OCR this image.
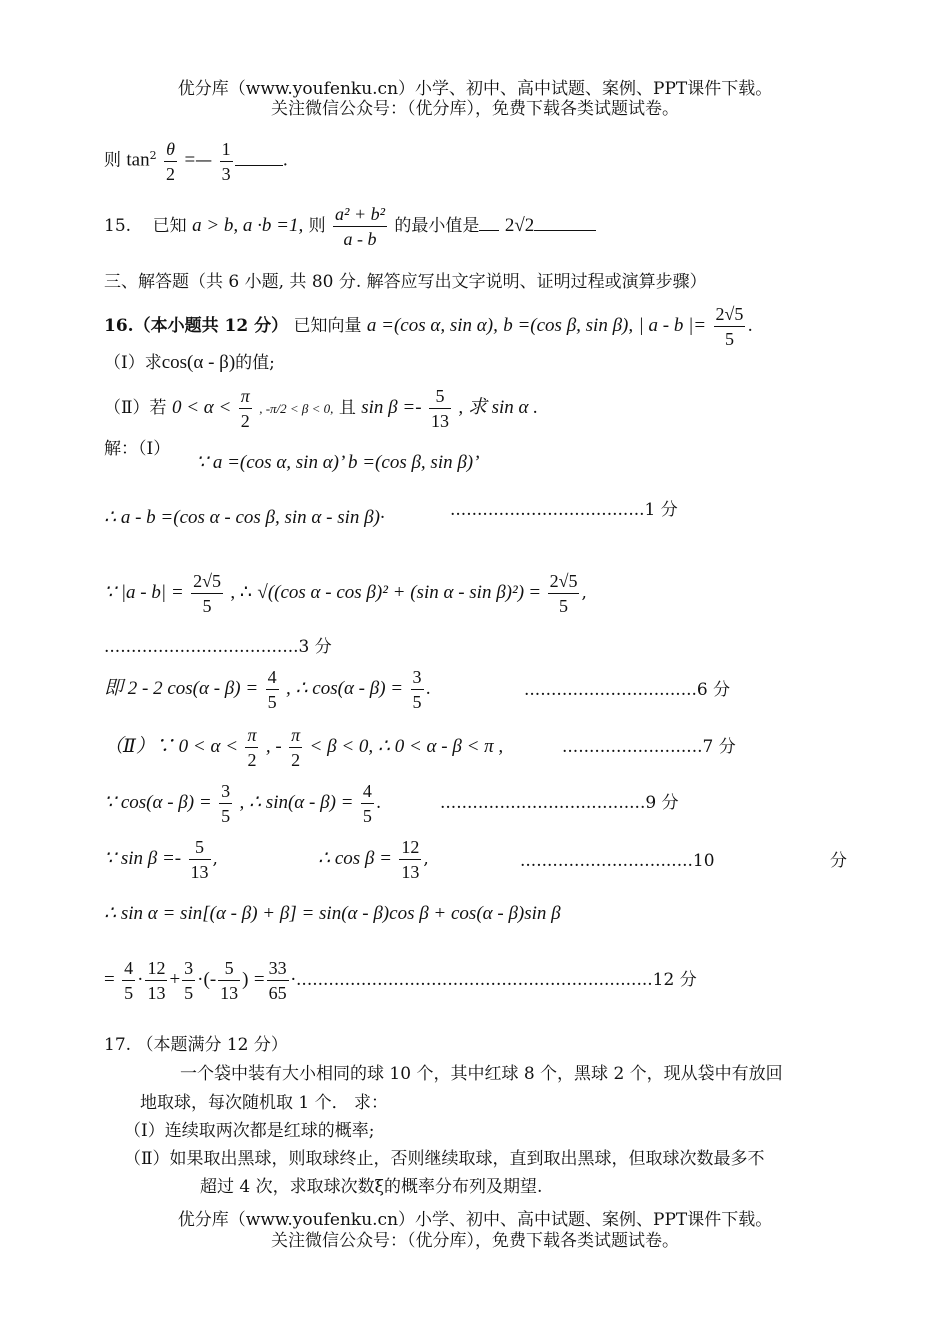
优分库（www.youfenku.cn）小学、初中、高中试题、案例、PPT课件下载。
关注微信公众号：（优分库），免费下载各类试题试卷。
则 $\tan^2 \frac{\theta}{2}$ =— $\frac{1}{3}$	.
15. 已知 a > b, a ·b =1, 则 $\frac{\text{a² + b²}}{a - b}$ 的最小值是 2√2
三、解答题（共 6 小题, 共 80 分. 解答应写出文字说明、证明过程或演算步骤）
16.（本小题共 12 分） 已知向量 a =(cos α, sin α), b =(cos β, sin β), | a - b |= $\frac{2√5}{5}$ .
（Ⅰ）求cos(α - β)的值;
（Ⅱ）若 $0 < \alpha < \frac{\pi}{2}$ , -π/2 < β < 0, 且 $\sin \beta =- \frac{5}{13}$ , 求 sin α .
解：（Ⅰ）
∵ a =(cos α, sin α)’ b =(cos β, sin β)’
∴ a - b =(cos α - cos β, sin α - sin β)·	....................................1 分
∵ $|a - b| = \frac{2√5}{5}$ , ∴ √((cos α - cos β)² + (sin $\alpha - \sin \beta)^2) = \frac{2√5}{5}$ ,
....................................3 分
即 2 - 2 $\cos(\alpha - \beta) = \frac{4}{5}$ , ∴ $\cos(\alpha - \beta) = \frac{3}{5}$ .	................................6 分
（Ⅱ）∵ $0 < \alpha < \frac{\pi}{2}$ , - $\frac{\pi}{2} < \beta < 0$, ∴ 0 < α - β < π ,	..........................7 分
∵ $\cos(\alpha - \beta) = \frac{3}{5}$ , ∴ $\sin(\alpha - \beta) = \frac{4}{5}$ .	......................................9 分
∵ $\sin \beta =- \frac{5}{13}$ ,	∴ $\cos \beta = \frac{12}{13}$ ,	................................10	分
∴ sin α = sin[(α - β) + β] = sin(α - β)cos β + cos(α - β)sin β
= $\frac{4}{5} \cdot \frac{12}{13} + \frac{3}{5}$ ·(- $\frac{5}{13}$ ) = $\frac{33}{65} \cdot..................................................................12$ 分
17. （本题满分 12 分）
一个袋中装有大小相同的球 10 个，其中红球 8 个，黑球 2 个，现从袋中有放回
地取球，每次随机取 1 个． 求：
（Ⅰ）连续取两次都是红球的概率;
（Ⅱ）如果取出黑球，则取球终止，否则继续取球，直到取出黑球，但取球次数最多不
超过 4 次，求取球次数ξ的概率分布列及期望.
优分库（www.youfenku.cn）小学、初中、高中试题、案例、PPT课件下载。
关注微信公众号：（优分库），免费下载各类试题试卷。
